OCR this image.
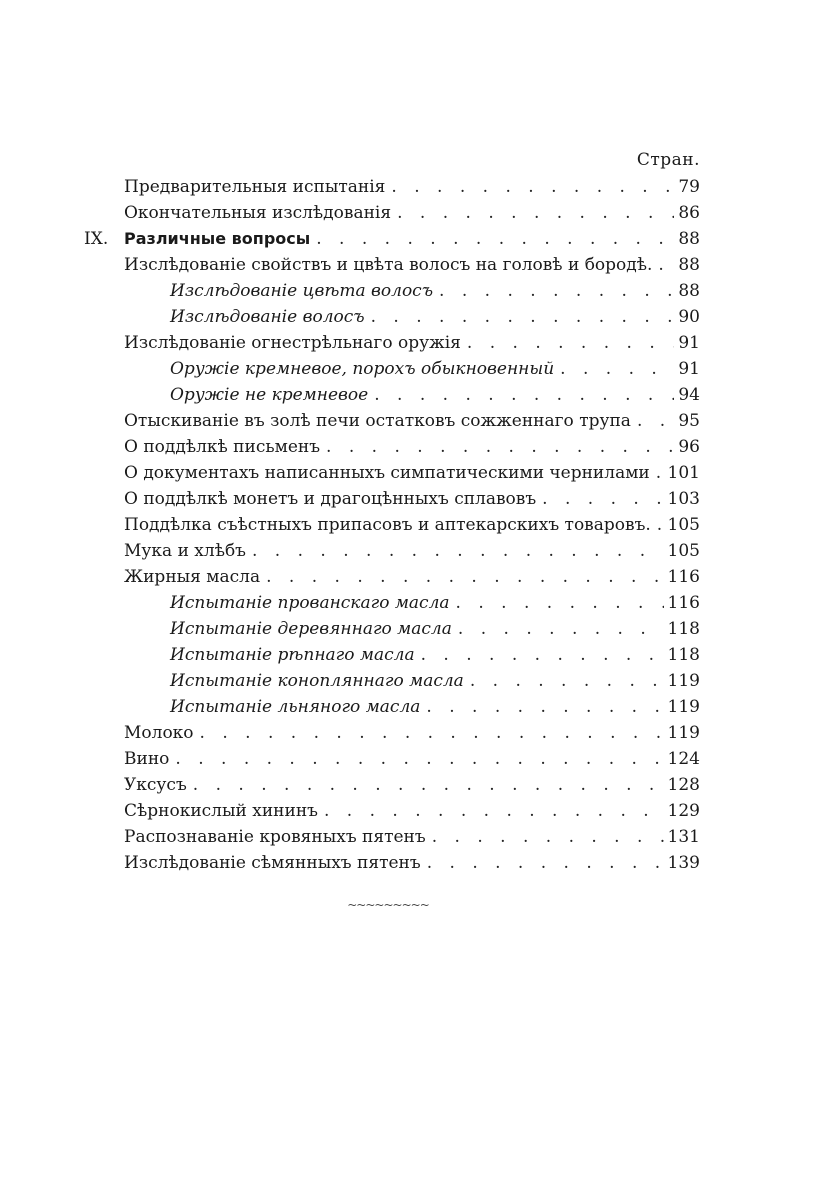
Стран.
Предварительныя испытанія . . .	79
Окончательныя изслѣдованія . . .	86
IX. Различные вопросы . . .	88
Изслѣдованіе свойствъ и цвѣта волосъ на головѣ и бородѣ. . . . 88
Изслѣдованіе цвѣта волосъ . . .	88
Изслѣдованіе волосъ . . .	90
Изслѣдованіе огнестрѣльнаго оружія . . .	91
Оружіе кремневое, порохъ обыкновенный . . .	91
Оружіе не кремневое . . .	94
Отыскиваніе въ золѣ печи остатковъ сожженнаго трупа . . .	95
О поддѣлкѣ письменъ . . .	96
О документахъ написанныхъ симпатическими чернилами . . . 101
О поддѣлкѣ монетъ и драгоцѣнныхъ сплавовъ . . .	103
Поддѣлка съѣстныхъ припасовъ и аптекарскихъ товаровъ. . . . 105
Мука и хлѣбъ . . .	105
Жирныя масла . . .	116
Испытаніе прованскаго масла . . .	116
Испытаніе деревяннаго масла . . .	118
Испытаніе рѣпнаго масла . . .	118
Испытаніе конопляннаго масла . . .	119
Испытаніе льняного масла . . .	119
Молоко . . .	119
Вино . . .	124
Уксусъ . . .	128
Сѣрнокислый хининъ . . .	129
Распознаваніе кровяныхъ пятенъ . . .	131
Изслѣдованіе сѣмянныхъ пятенъ . . .	139
~~~~~~~~~
